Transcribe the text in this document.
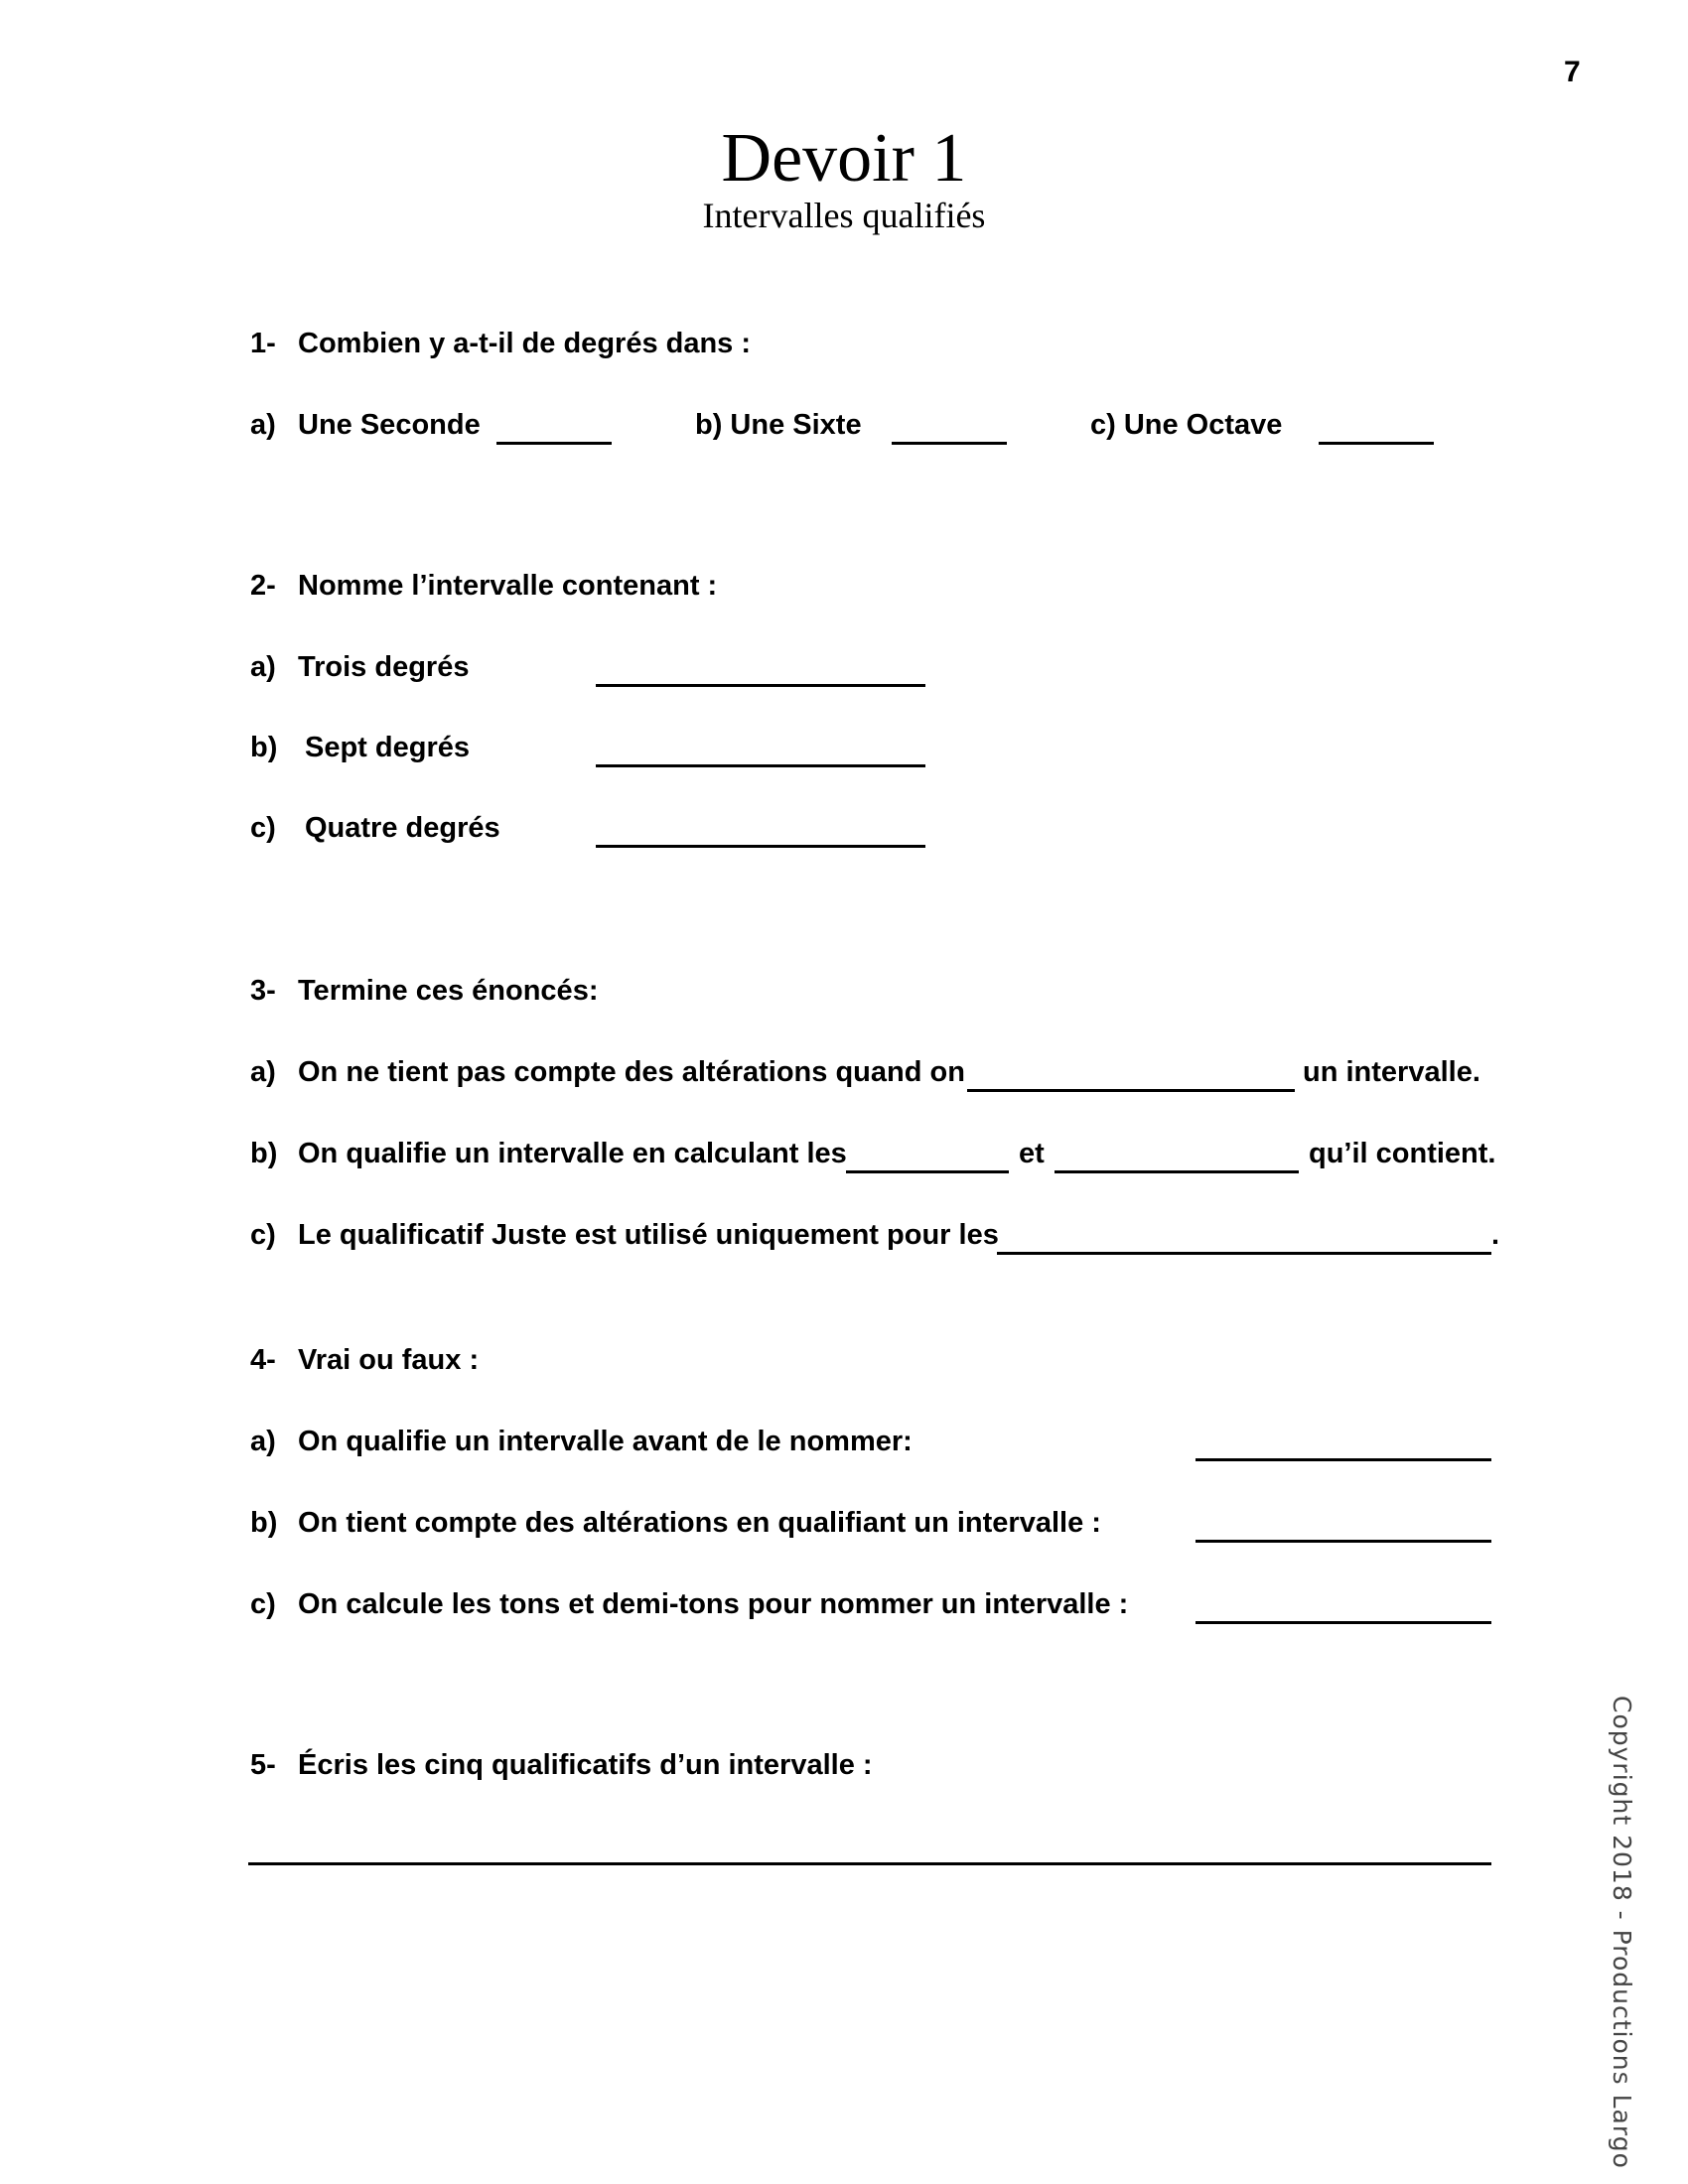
7
Devoir 1
Intervalles qualifiés
1- Combien y a-t-il de degrés dans :
a) Une Seconde	b) Une Sixte	c) Une Octave
2- Nomme l’intervalle contenant :
a) Trois degrés
b) Sept degrés
c) Quatre degrés
3- Termine ces énoncés:
a) On ne tient pas compte des altérations quand on	un intervalle.
b) On qualifie un intervalle en calculant les	et	qu’il contient.
c) Le qualificatif Juste est utilisé uniquement pour les	.
4- Vrai ou faux :
a) On qualifie un intervalle avant de le nommer:
b) On tient compte des altérations en qualifiant un intervalle :
c) On calcule les tons et demi-tons pour nommer un intervalle :
5- Écris les cinq qualificatifs d’un intervalle :	Copyright 2018 - Productions Largo
